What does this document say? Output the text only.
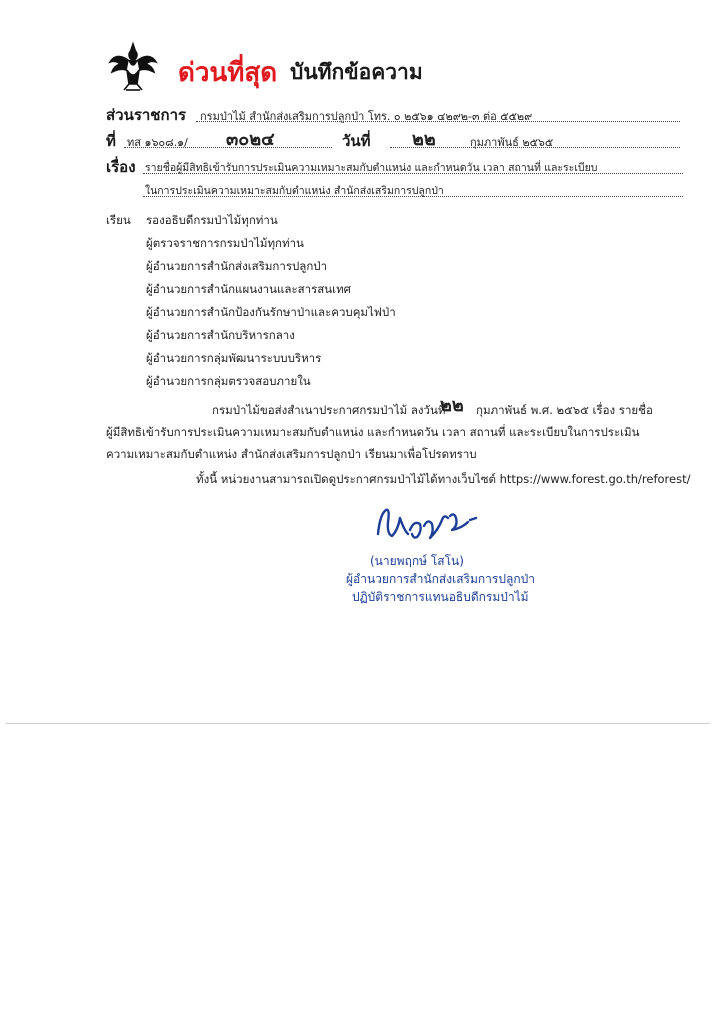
ด่วนที่สุด บันทึกข้อความ
ส่วนราชการ กรมป่าไม้ สำนักส่งเสริมการปลูกป่า โทร. ๐ ๒๕๖๑ ๔๒๙๒-๓ ต่อ ๕๕๒๙
ที่ ทส ๑๖๐๘.๑/ ๓๐๒๔	วันที่ ๒๒	กุมภาพันธ์ ๒๕๖๕
เรื่อง รายชื่อผู้มีสิทธิเข้ารับการประเมินความเหมาะสมกับตำแหน่ง และกำหนดวัน เวลา สถานที่ และระเบียบ
ในการประเมินความเหมาะสมกับตำแหน่ง สำนักส่งเสริมการปลูกป่า
เรียน รองอธิบดีกรมป่าไม้ทุกท่าน
ผู้ตรวจราชการกรมป่าไม้ทุกท่าน
ผู้อำนวยการสำนักส่งเสริมการปลูกป่า
ผู้อำนวยการสำนักแผนงานและสารสนเทศ
ผู้อำนวยการสำนักป้องกันรักษาป่าและควบคุมไฟป่า
ผู้อำนวยการสำนักบริหารกลาง
ผู้อำนวยการกลุ่มพัฒนาระบบบริหาร
ผู้อำนวยการกลุ่มตรวจสอบภายใน
กรมป่าไม้ขอส่งสำเนาประกาศกรมป่าไม้ ลงวันที่
๒๒ กุมภาพันธ์ พ.ศ. ๒๕๖๕ เรื่อง รายชื่อ
ผู้มีสิทธิเข้ารับการประเมินความเหมาะสมกับตำแหน่ง และกำหนดวัน เวลา สถานที่ และระเบียบในการประเมิน
ความเหมาะสมกับตำแหน่ง สำนักส่งเสริมการปลูกป่า เรียนมาเพื่อโปรดทราบ
ทั้งนี้ หน่วยงานสามารถเปิดดูประกาศกรมป่าไม้ได้ทางเว็บไซต์ https://www.forest.go.th/reforest/
(นายพฤกษ์ โสโน)
ผู้อำนวยการสำนักส่งเสริมการปลูกป่า
ปฏิบัติราชการแทนอธิบดีกรมป่าไม้
